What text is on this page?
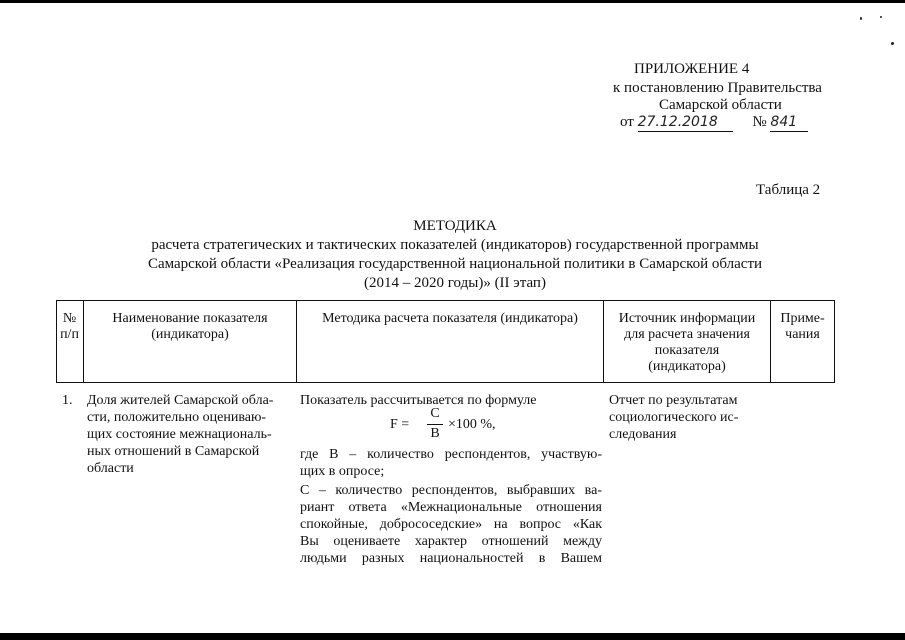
ПРИЛОЖЕНИЕ 4
к постановлению Правительства
Самарской области
от 27.12.2018 № 841
Таблица 2
МЕТОДИКА
расчета стратегических и тактических показателей (индикаторов) государственной программы
Самарской области «Реализация государственной национальной политики в Самарской области
(2014 – 2020 годы)» (II этап)
№
п/п
Наименование показателя
(индикатора)
Методика расчета показателя (индикатора)	Источник информации
для расчета значения
показателя
(индикатора)
Приме-
чания
1. Доля жителей Самарской обла-
сти, положительно оцениваю-
щих состояние межнациональ-
ных отношений в Самарской
области
Показатель рассчитывается по формуле
F =
C
B
×100 %,
где B – количество респондентов, участвую-
щих в опросе;
C – количество респондентов, выбравших ва-
риант ответа «Межнациональные отношения
спокойные, добрососедские» на вопрос «Как
Вы оцениваете характер отношений между
людьми разных национальностей в Вашем
Отчет по результатам
социологического ис-
следования
